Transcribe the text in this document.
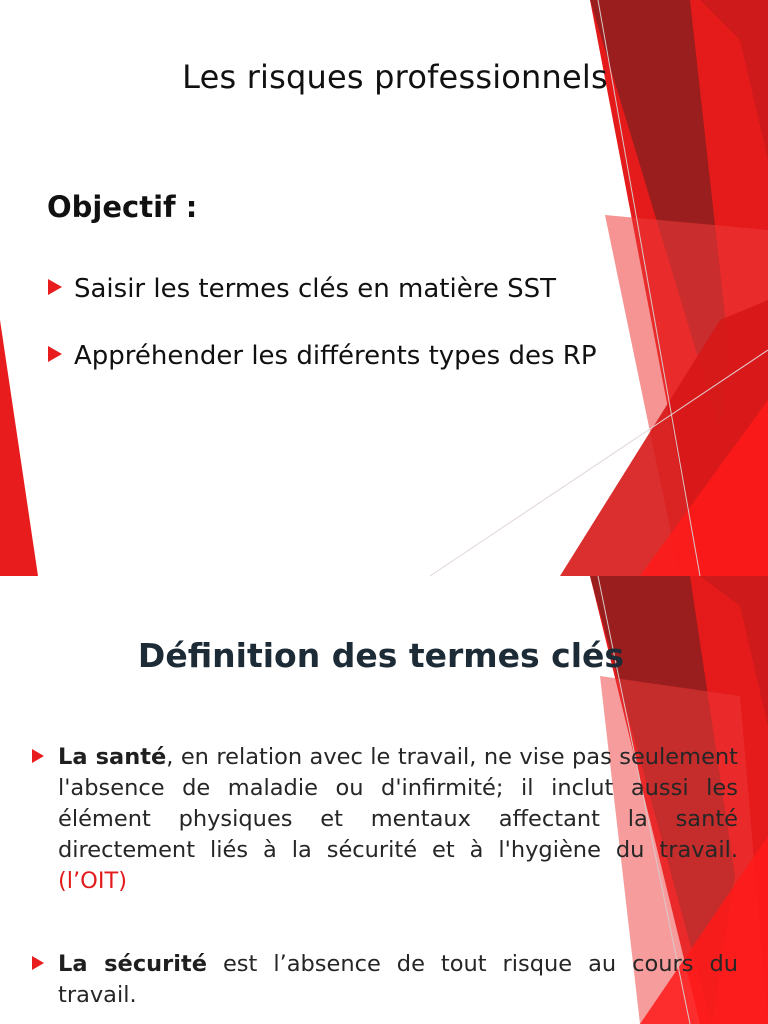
Les risques professionnels
Objectif :
Saisir les termes clés en matière SST
Appréhender les différents types des RP
Définition des termes clés
La santé, en relation avec le travail, ne vise pas seulement l'absence de maladie ou d'infirmité; il inclut aussi les élément physiques et mentaux affectant la santé directement liés à la sécurité et à l'hygiène du travail. (l’OIT)
La sécurité est l’absence de tout risque au cours du travail.
